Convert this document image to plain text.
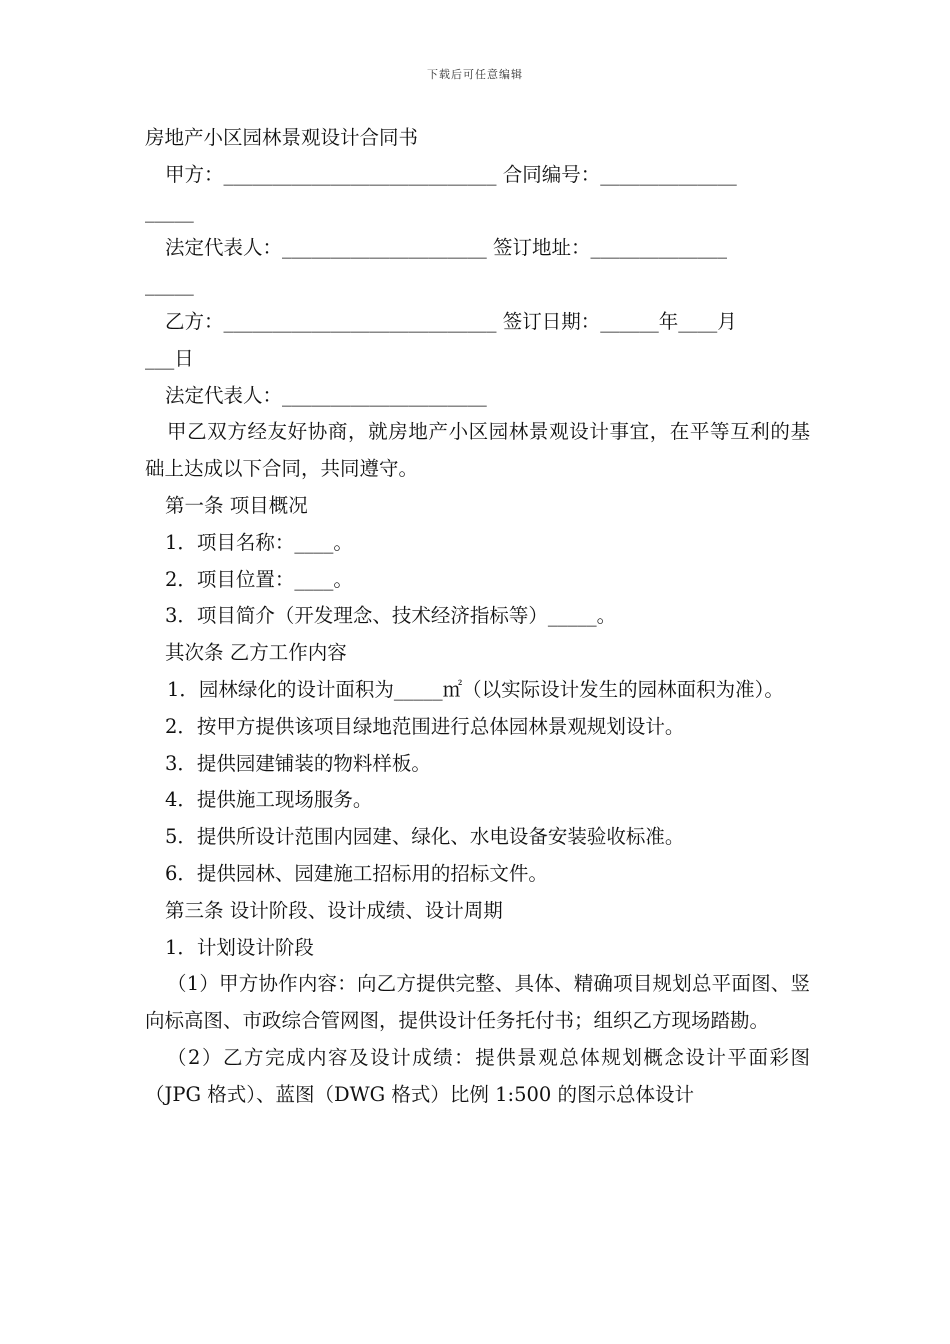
下载后可任意编辑
房地产小区园林景观设计合同书
甲方：____________________________ 合同编号：______________
_____
法定代表人：_____________________ 签订地址：______________
_____
乙方：____________________________ 签订日期：______年____月
___日
法定代表人：_____________________
甲乙双方经友好协商，就房地产小区园林景观设计事宜，在平等互利的基础上达成以下合同，共同遵守。
第一条 项目概况
1．项目名称：____。
2．项目位置：____。
3．项目简介（开发理念、技术经济指标等）_____。
其次条 乙方工作内容
1．园林绿化的设计面积为_____㎡（以实际设计发生的园林面积为准）。
2．按甲方提供该项目绿地范围进行总体园林景观规划设计。
3．提供园建铺装的物料样板。
4．提供施工现场服务。
5．提供所设计范围内园建、绿化、水电设备安装验收标准。
6．提供园林、园建施工招标用的招标文件。
第三条 设计阶段、设计成绩、设计周期
1．计划设计阶段
（1）甲方协作内容：向乙方提供完整、具体、精确项目规划总平面图、竖向标高图、市政综合管网图，提供设计任务托付书；组织乙方现场踏勘。
（2）乙方完成内容及设计成绩：提供景观总体规划概念设计平面彩图（JPG 格式）、蓝图（DWG 格式）比例 1:500 的图示总体设计
